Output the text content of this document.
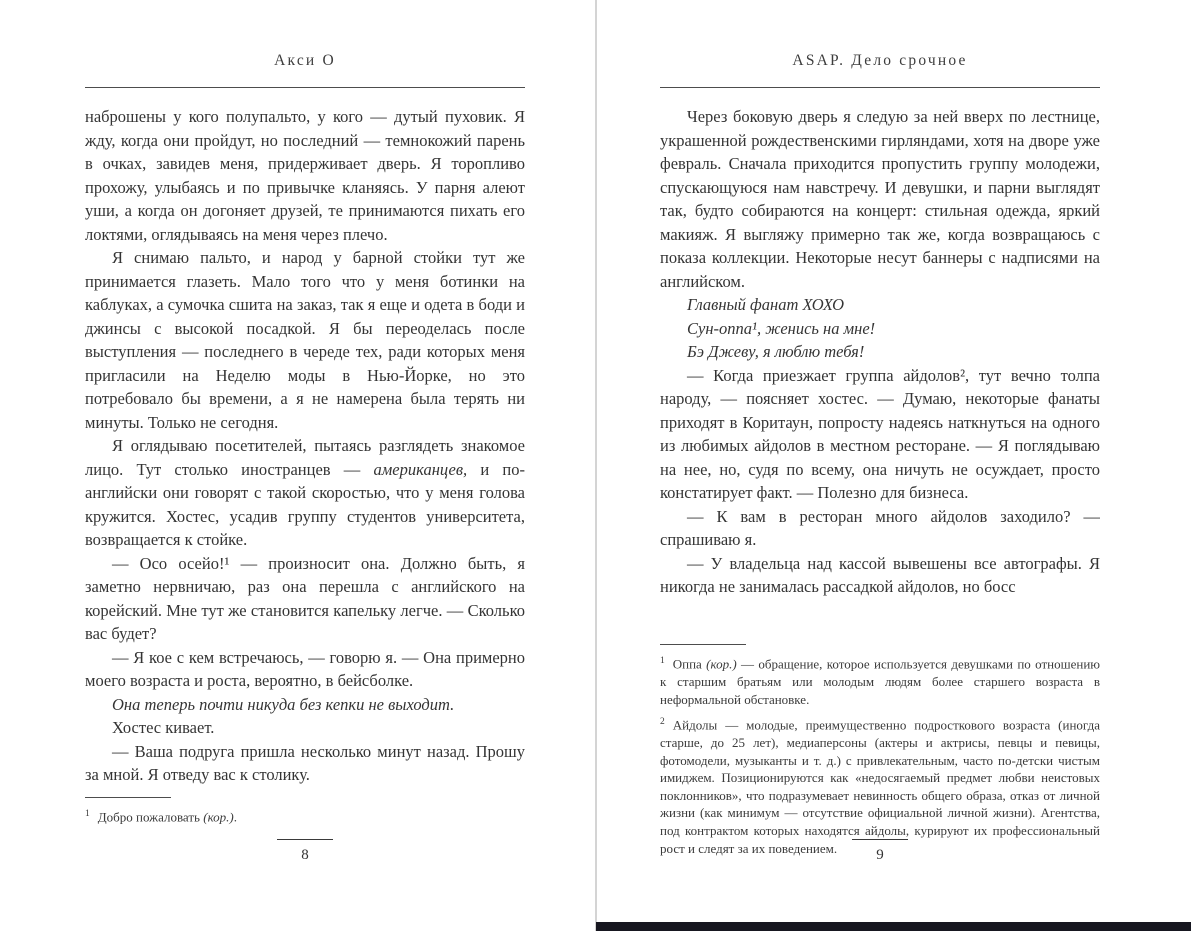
Акси О

наброшены у кого полупальто, у кого — дутый пуховик. Я жду, когда они пройдут, но последний — темнокожий парень в очках, завидев меня, придерживает дверь. Я торопливо прохожу, улыбаясь и по привычке кланяясь. У парня алеют уши, а когда он догоняет друзей, те принимаются пихать его локтями, оглядываясь на меня через плечо.

Я снимаю пальто, и народ у барной стойки тут же принимается глазеть. Мало того что у меня ботинки на каблуках, а сумочка сшита на заказ, так я еще и одета в боди и джинсы с высокой посадкой. Я бы переоделась после выступления — последнего в череде тех, ради которых меня пригласили на Неделю моды в Нью-Йорке, но это потребовало бы времени, а я не намерена была терять ни минуты. Только не сегодня.

Я оглядываю посетителей, пытаясь разглядеть знакомое лицо. Тут столько иностранцев — американцев, и по-английски они говорят с такой скоростью, что у меня голова кружится. Хостес, усадив группу студентов университета, возвращается к стойке.

— Осо осейо!¹ — произносит она. Должно быть, я заметно нервничаю, раз она перешла с английского на корейский. Мне тут же становится капельку легче. — Сколько вас будет?

— Я кое с кем встречаюсь, — говорю я. — Она примерно моего возраста и роста, вероятно, в бейсболке.

Она теперь почти никуда без кепки не выходит.

Хостес кивает.

— Ваша подруга пришла несколько минут назад. Прошу за мной. Я отведу вас к столику.

$^1$ Добро пожаловать (кор.).

8
ASAP. Дело срочное

Через боковую дверь я следую за ней вверх по лестнице, украшенной рождественскими гирляндами, хотя на дворе уже февраль. Сначала приходится пропустить группу молодежи, спускающуюся нам навстречу. И девушки, и парни выглядят так, будто собираются на концерт: стильная одежда, яркий макияж. Я выгляжу примерно так же, когда возвращаюсь с показа коллекции. Некоторые несут баннеры с надписями на английском.

Главный фанат ХОХО

Сун-оппа¹, женись на мне!

Бэ Джеву, я люблю тебя!

— Когда приезжает группа айдолов², тут вечно толпа народу, — поясняет хостес. — Думаю, некоторые фанаты приходят в Коритаун, попросту надеясь наткнуться на одного из любимых айдолов в местном ресторане. — Я поглядываю на нее, но, судя по всему, она ничуть не осуждает, просто констатирует факт. — Полезно для бизнеса.

— К вам в ресторан много айдолов заходило? — спрашиваю я.

— У владельца над кассой вывешены все автографы. Я никогда не занималась рассадкой айдолов, но босс

$^1$ Оппа (кор.) — обращение, которое используется девушками по отношению к старшим братьям или молодым людям более старшего возраста в неформальной обстановке.

$^2$ Айдолы — молодые, преимущественно подросткового возраста (иногда старше, до 25 лет), медиаперсоны (актеры и актрисы, певцы и певицы, фотомодели, музыканты и т. д.) с привлекательным, часто по-детски чистым имиджем. Позиционируются как «недосягаемый предмет любви неистовых поклонников», что подразумевает невинность общего образа, отказ от личной жизни (как минимум — отсутствие официальной личной жизни). Агентства, под контрактом которых находятся айдолы, курируют их профессиональный рост и следят за их поведением.	9
